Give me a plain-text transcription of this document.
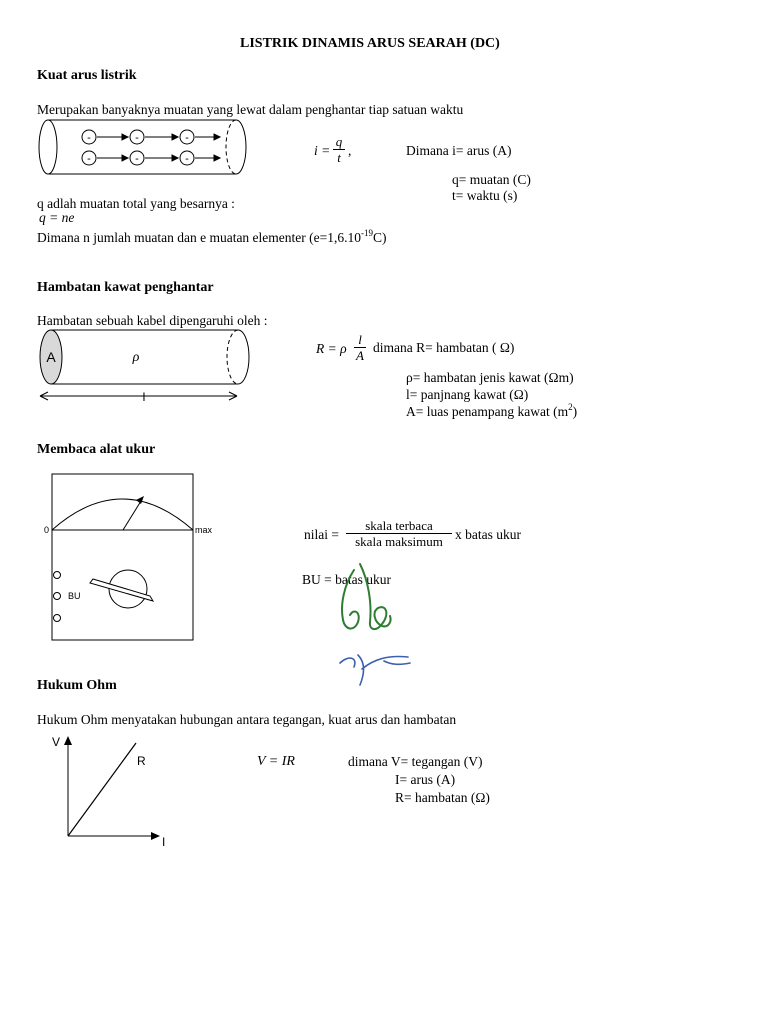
LISTRIK DINAMIS ARUS SEARAH (DC)
Kuat arus listrik
Merupakan banyaknya muatan yang lewat dalam penghantar tiap satuan waktu
-
-
-
-
-
-
i =
q
t ,	Dimana i= arus (A)
q= muatan (C)
t= waktu (s)
q adlah muatan total yang besarnya :
q = ne
Dimana n jumlah muatan dan e muatan elementer $(e=1,6.10^{-19}C)$
Hambatan kawat penghantar
Hambatan sebuah kabel dipengaruhi oleh :
A	ρ
l
R = ρ
l
A
dimana R= hambatan ( Ω)
ρ= hambatan jenis kawat (Ωm)
l= panjnang kawat (Ω)
A= luas penampang kawat $(m^2)$
Membaca alat ukur
0	max
BU
nilai =
skala terbaca
skala maksimum x batas ukur
BU = batas ukur
Hukum Ohm
Hukum Ohm menyatakan hubungan antara tegangan, kuat arus dan hambatan
V
I
R	V = IR	dimana V= tegangan (V)
I= arus (A)
R= hambatan (Ω)
